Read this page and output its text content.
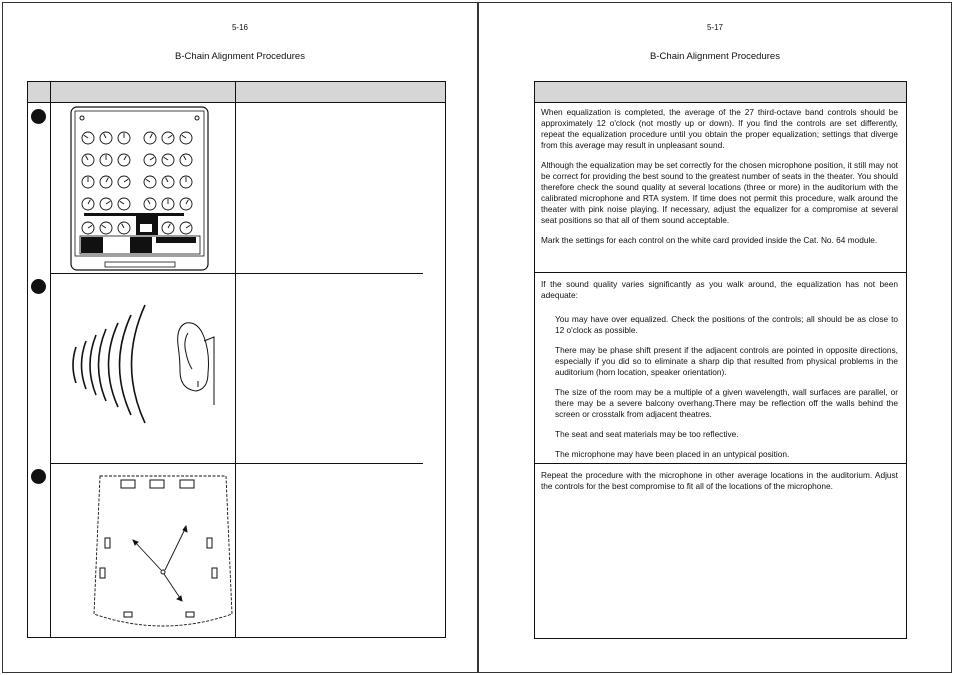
5-16
B-Chain Alignment Procedures
5-17
B-Chain Alignment Procedures

When equalization is completed, the average of the 27 third-octave band controls should be approximately 12 o'clock (not mostly up or down). If you find the controls are set differently, repeat the equalization procedure until you obtain the proper equalization; settings that diverge from this average may result in unpleasant sound.

Although the equalization may be set correctly for the chosen microphone position, it still may not be correct for providing the best sound to the greatest number of seats in the theater. You should therefore check the sound quality at several locations (three or more) in the auditorium with the calibrated microphone and RTA system. If time does not permit this procedure, walk around the theater with pink noise playing. If necessary, adjust the equalizer for a compromise at several seat positions so that all of them sound acceptable.

Mark the settings for each control on the white card provided inside the Cat. No. 64 module.

If the sound quality varies significantly as you walk around, the equalization has not been adequate:

You may have over equalized. Check the positions of the controls; all should be as close to 12 o'clock as possible.

There may be phase shift present if the adjacent controls are pointed in opposite directions, especially if you did so to eliminate a sharp dip that resulted from physical problems in the auditorium (horn location, speaker orientation).

The size of the room may be a multiple of a given wavelength, wall surfaces are parallel, or there may be a severe balcony overhang.There may be reflection off the walls behind the screen or crosstalk from adjacent theatres.

The seat and seat materials may be too reflective.

The microphone may have been placed in an untypical position.

Repeat the procedure with the microphone in other average locations in the auditorium. Adjust the controls for the best compromise to fit all of the locations of the microphone.
